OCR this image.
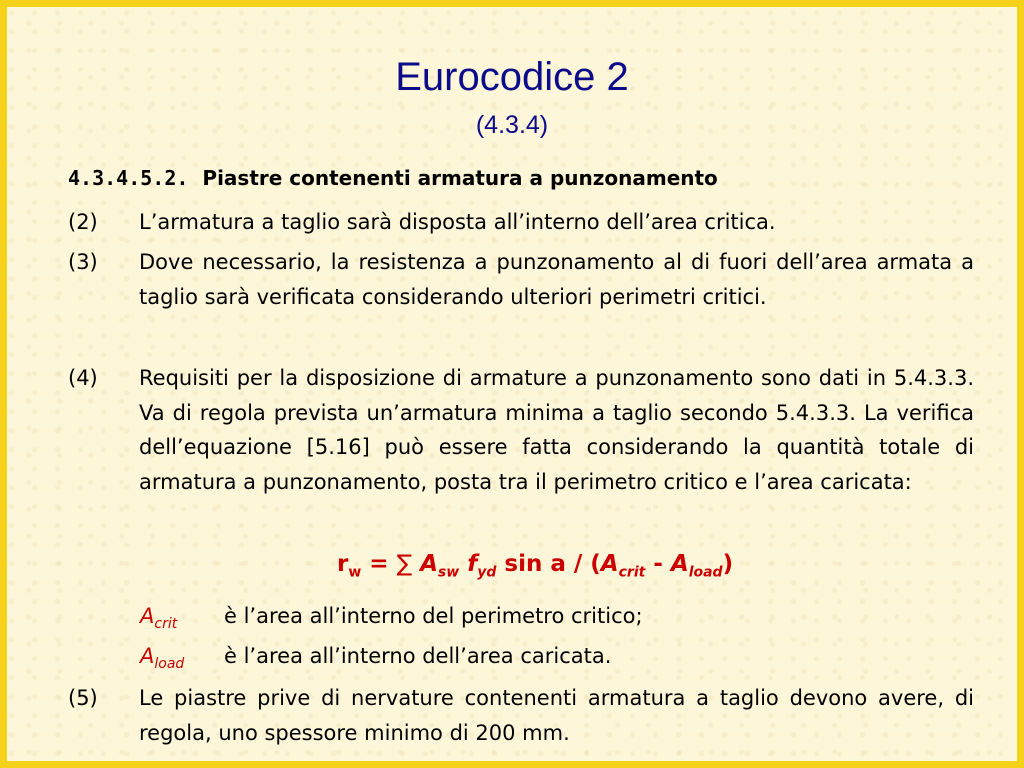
Eurocodice 2
(4.3.4)
4.3.4.5.2. Piastre contenenti armatura a punzonamento
(2)	L’armatura a taglio sarà disposta all’interno dell’area critica.
(3)	Dove necessario, la resistenza a punzonamento al di fuori dell’area armata a taglio sarà verificata considerando ulteriori perimetri critici.
(4)	Requisiti per la disposizione di armature a punzonamento sono dati in 5.4.3.3. Va di regola prevista un’armatura minima a taglio secondo 5.4.3.3. La verifica dell’equazione [5.16] può essere fatta considerando la quantità totale di armatura a punzonamento, posta tra il perimetro critico e l’area caricata:
$r_w$ = ∑ $A_{sw}$ $f_{yd}$ sin a / $(A_{crit} - A_{load})$
$A_{crit}$ è l’area all’interno del perimetro critico;
$A_{load}$ è l’area all’interno dell’area caricata.
(5)	Le piastre prive di nervature contenenti armatura a taglio devono avere, di regola, uno spessore minimo di 200 mm.
